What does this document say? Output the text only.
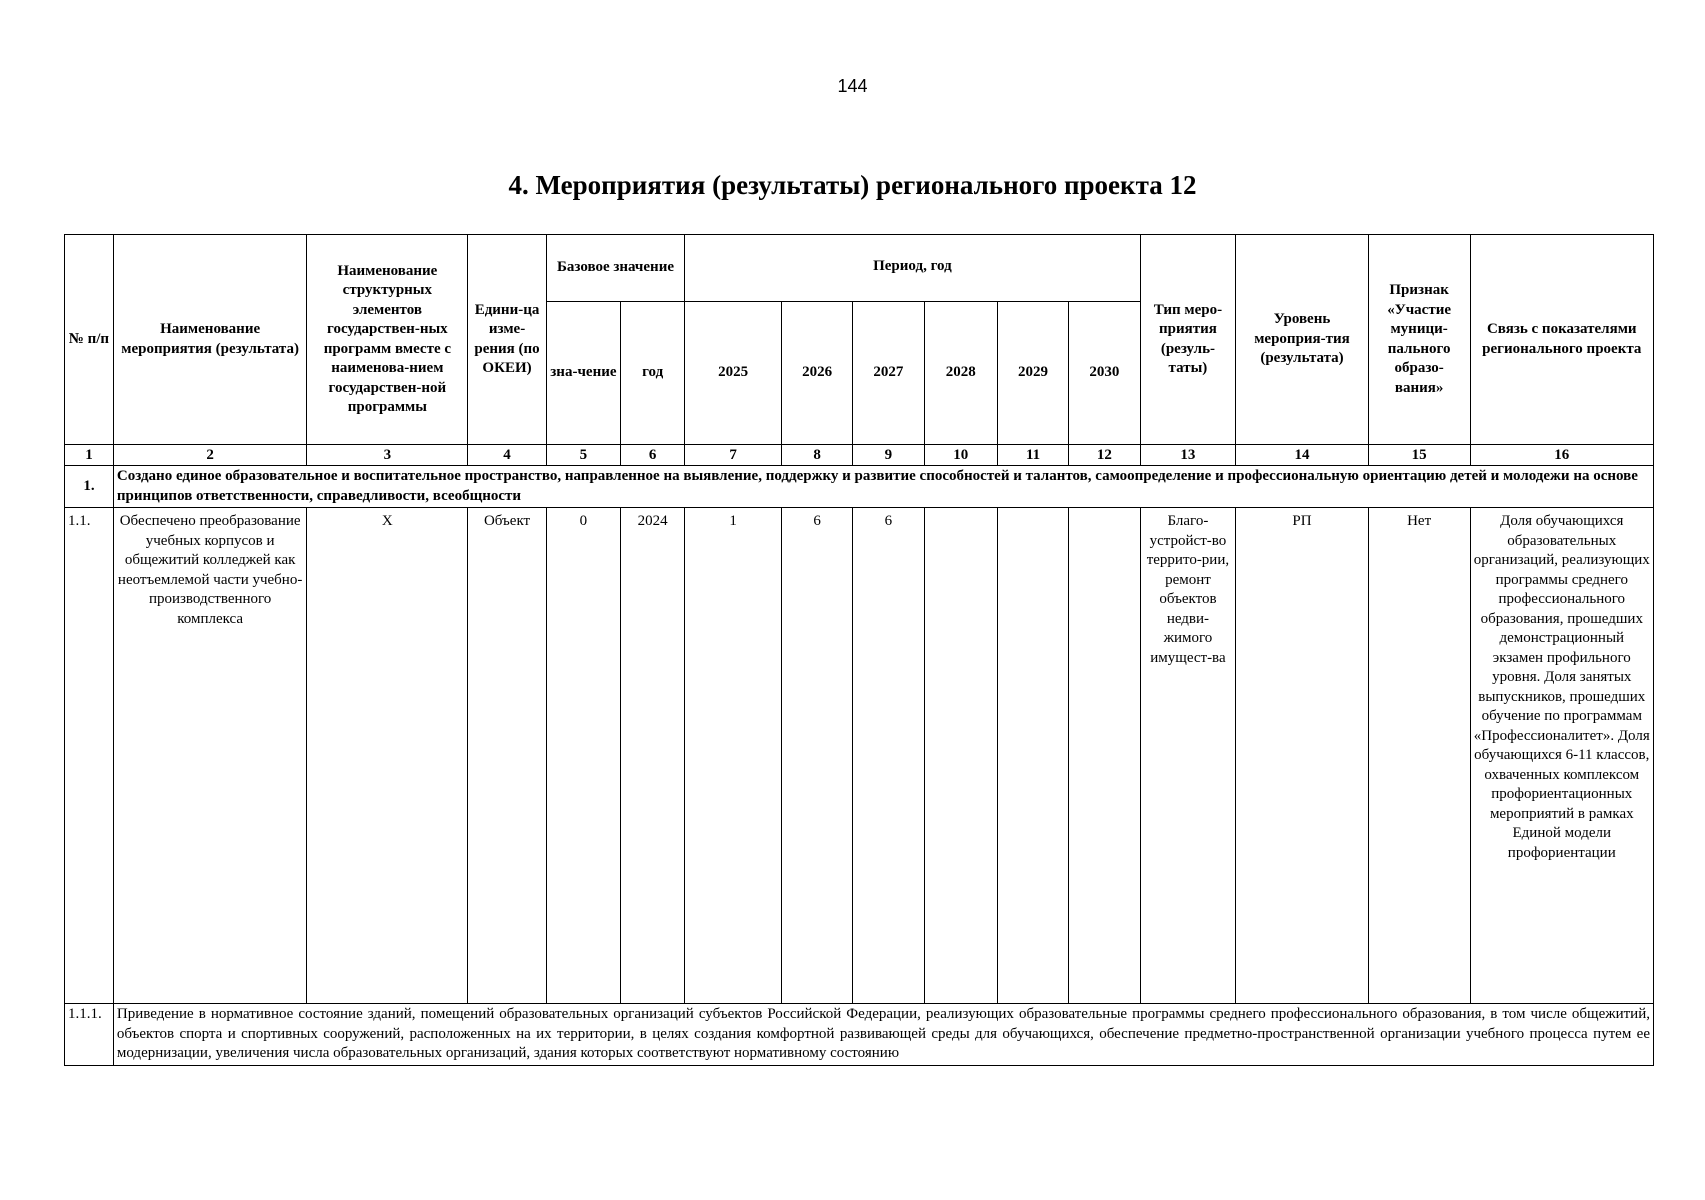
144
4. Мероприятия (результаты) регионального проекта 12
№ п/п	Наименование мероприятия (результата)	Наименование структурных элементов государствен-ных программ вместе с наименова-нием государствен-ной программы	Едини-ца изме-рения (по ОКЕИ)	Базовое значение		Период, год						Тип меро-приятия (резуль-таты)	Уровень мероприя-тия (результата)	Признак «Участие муници-пального образо-вания»	Связь с показателями регионального проекта
				зна-чение	год	2025	2026	2027	2028	2029	2030				
1	2	3	4	5	6	7	8	9	10	11	12	13	14	15	16
1.	Создано единое образовательное и воспитательное пространство, направленное на выявление, поддержку и развитие способностей и талантов, самоопределение и профессиональную ориентацию детей и молодежи на основе принципов ответственности, справедливости, всеобщности														
1.1.	Обеспечено преобразование учебных корпусов и общежитий колледжей как неотъемлемой части учебно-производственного комплекса	Х	Объект	0	2024	1	6	6				Благо-устройст-во террито-рии, ремонт объектов недви-жимого имущест-ва	РП	Нет	Доля обучающихся образовательных организаций, реализующих программы среднего профессионального образования, прошедших демонстрационный экзамен профильного уровня. Доля занятых выпускников, прошедших обучение по программам «Профессионалитет». Доля обучающихся 6-11 классов, охваченных комплексом профориентационных мероприятий в рамках Единой модели профориентации
1.1.1.	Приведение в нормативное состояние зданий, помещений образовательных организаций субъектов Российской Федерации, реализующих образовательные программы среднего профессионального образования, в том числе общежитий, объектов спорта и спортивных сооружений, расположенных на их территории, в целях создания комфортной развивающей среды для обучающихся, обеспечение предметно-пространственной организации учебного процесса путем ее модернизации, увеличения числа образовательных организаций, здания которых соответствуют нормативному состоянию														
